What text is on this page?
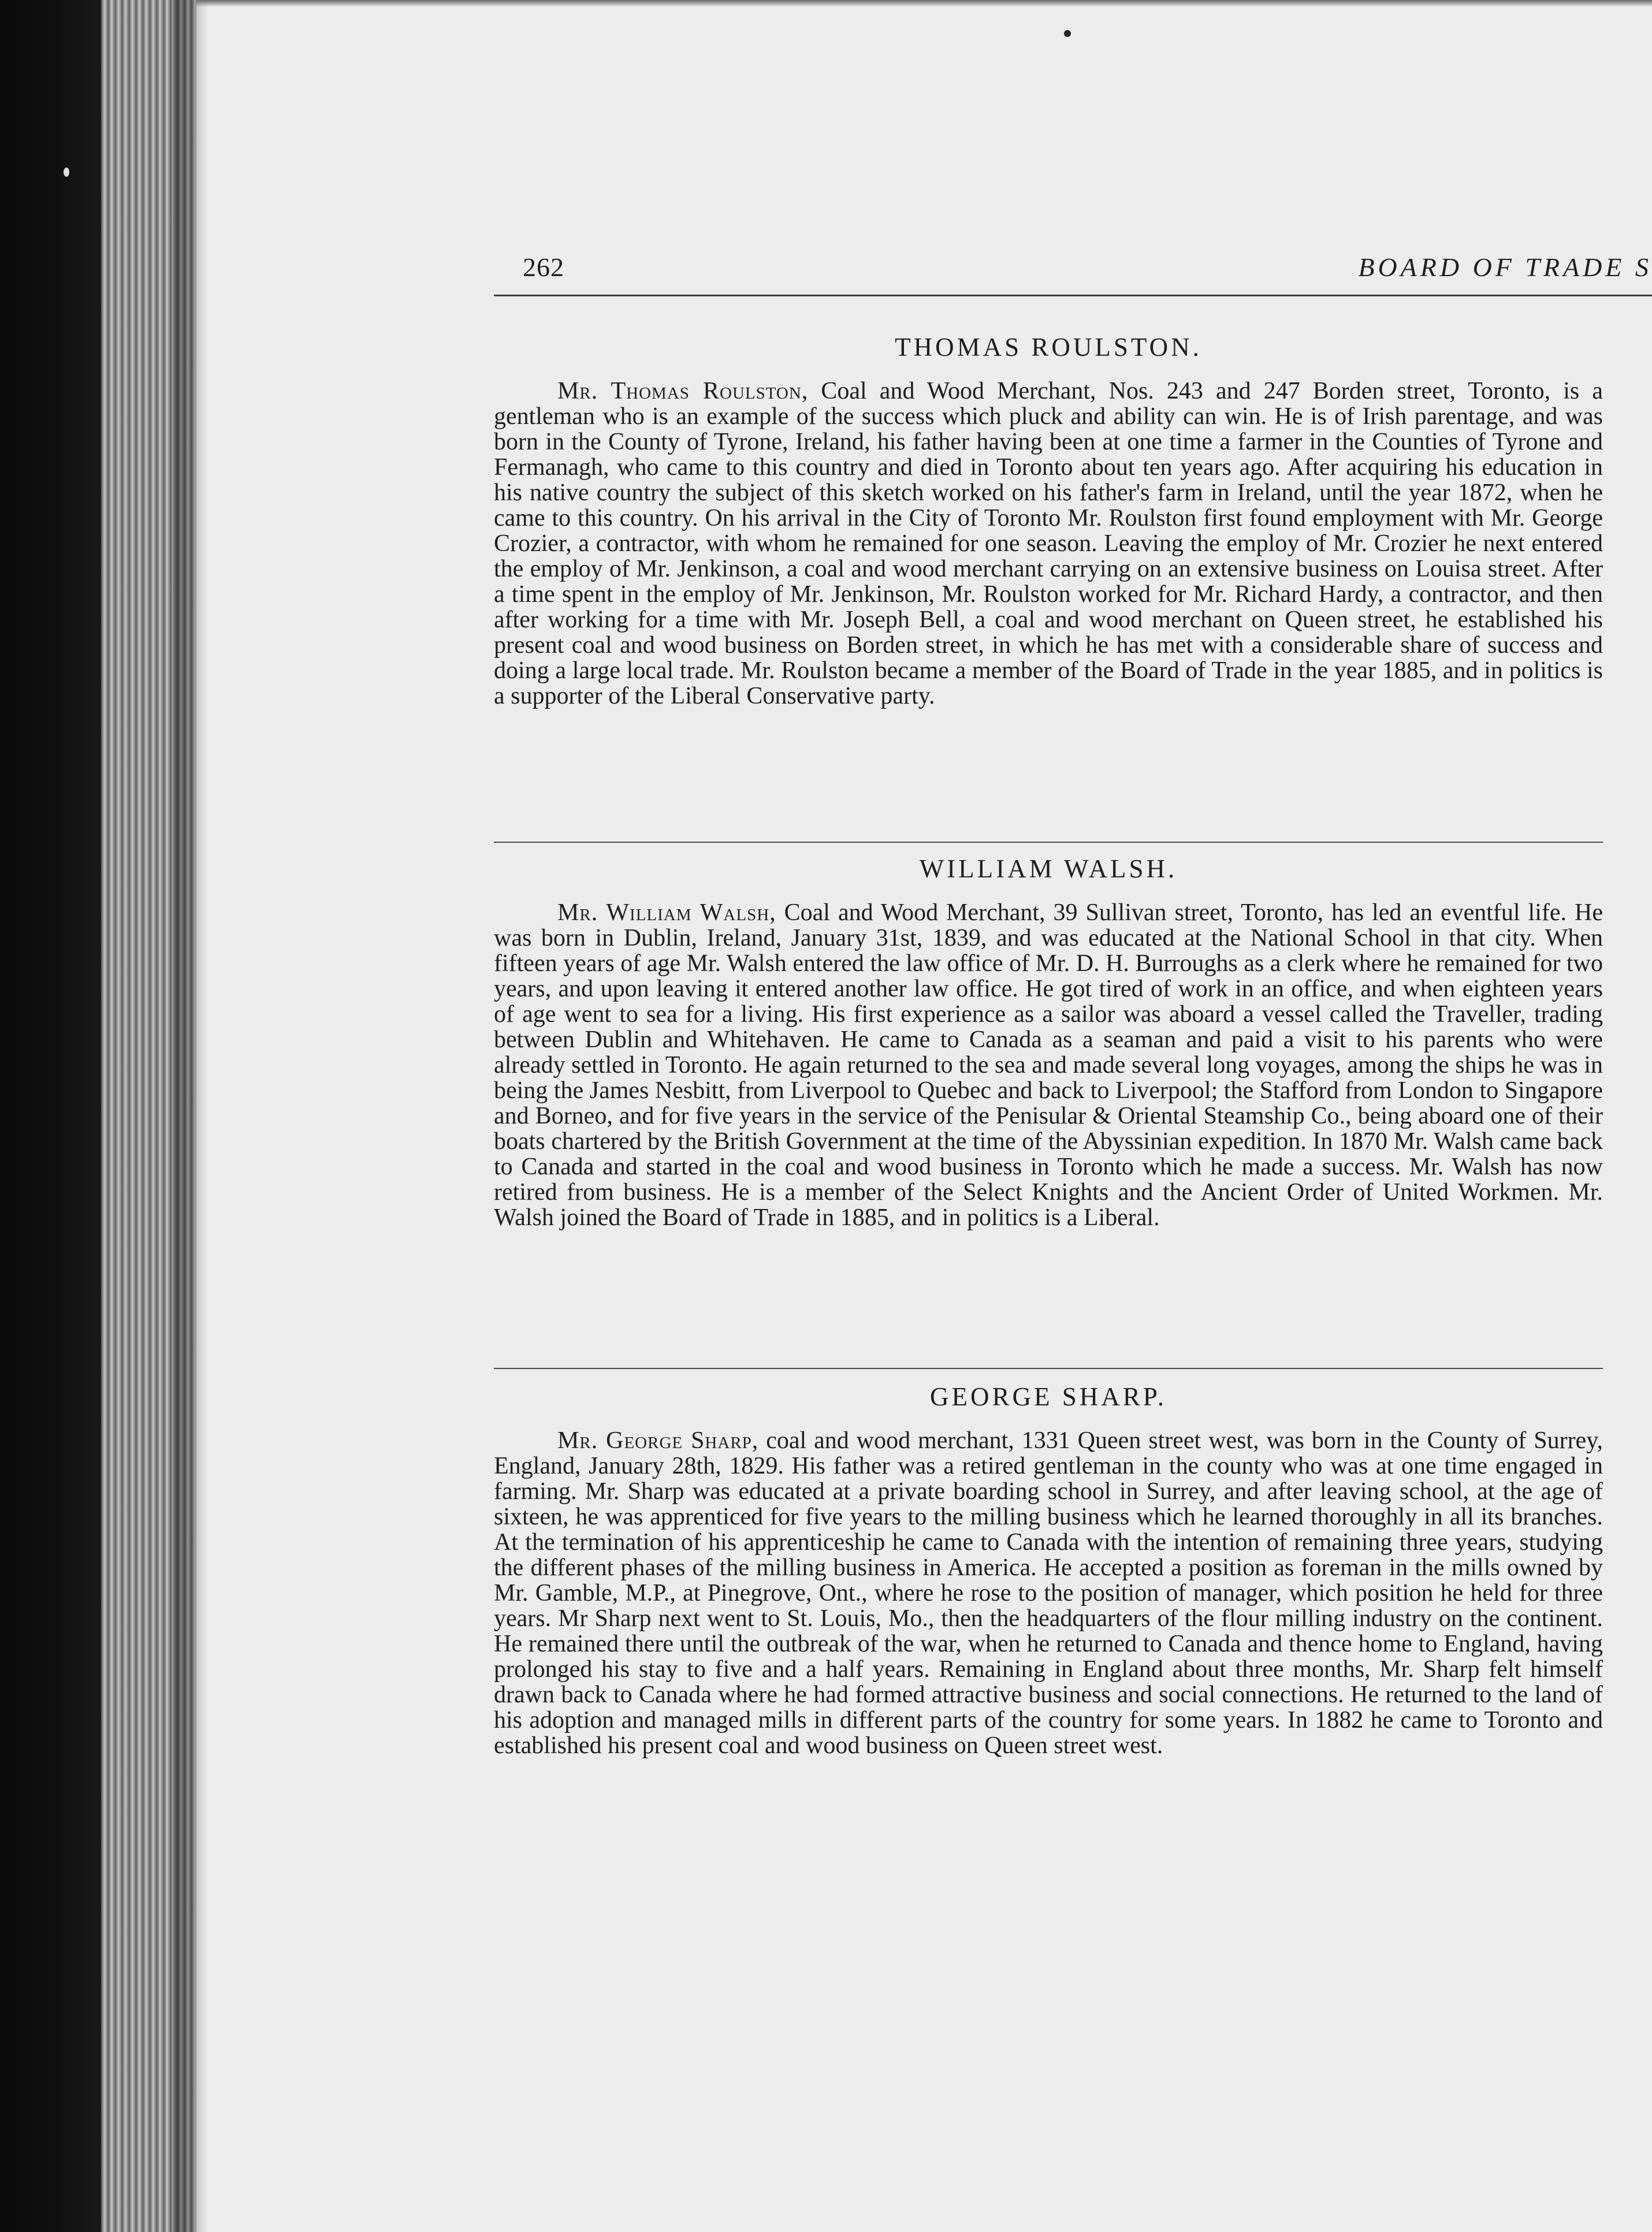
262	BOARD OF TRADE S
THOMAS ROULSTON.

Mr. Thomas Roulston, Coal and Wood Merchant, Nos. 243 and 247 Borden street, Toronto, is a gentleman who is an example of the success which pluck and ability can win. He is of Irish parentage, and was born in the County of Tyrone, Ireland, his father having been at one time a farmer in the Counties of Tyrone and Fermanagh, who came to this country and died in Toronto about ten years ago. After acquiring his education in his native country the subject of this sketch worked on his father's farm in Ireland, until the year 1872, when he came to this country. On his arrival in the City of Toronto Mr. Roulston first found employment with Mr. George Crozier, a contractor, with whom he remained for one season. Leaving the employ of Mr. Crozier he next entered the employ of Mr. Jenkinson, a coal and wood merchant carrying on an extensive business on Louisa street. After a time spent in the employ of Mr. Jenkinson, Mr. Roulston worked for Mr. Richard Hardy, a contractor, and then after working for a time with Mr. Joseph Bell, a coal and wood merchant on Queen street, he established his present coal and wood business on Borden street, in which he has met with a considerable share of success and doing a large local trade. Mr. Roulston became a member of the Board of Trade in the year 1885, and in politics is a supporter of the Liberal Conservative party.

WILLIAM WALSH.

Mr. William Walsh, Coal and Wood Merchant, 39 Sullivan street, Toronto, has led an eventful life. He was born in Dublin, Ireland, January 31st, 1839, and was educated at the National School in that city. When fifteen years of age Mr. Walsh entered the law office of Mr. D. H. Burroughs as a clerk where he remained for two years, and upon leaving it entered another law office. He got tired of work in an office, and when eighteen years of age went to sea for a living. His first experience as a sailor was aboard a vessel called the Traveller, trading between Dublin and Whitehaven. He came to Canada as a seaman and paid a visit to his parents who were already settled in Toronto. He again returned to the sea and made several long voyages, among the ships he was in being the James Nesbitt, from Liverpool to Quebec and back to Liverpool; the Stafford from London to Singapore and Borneo, and for five years in the service of the Penisular & Oriental Steamship Co., being aboard one of their boats chartered by the British Government at the time of the Abyssinian expedition. In 1870 Mr. Walsh came back to Canada and started in the coal and wood business in Toronto which he made a success. Mr. Walsh has now retired from business. He is a member of the Select Knights and the Ancient Order of United Workmen. Mr. Walsh joined the Board of Trade in 1885, and in politics is a Liberal.

GEORGE SHARP.

Mr. George Sharp, coal and wood merchant, 1331 Queen street west, was born in the County of Surrey, England, January 28th, 1829. His father was a retired gentleman in the county who was at one time engaged in farming. Mr. Sharp was educated at a private boarding school in Surrey, and after leaving school, at the age of sixteen, he was apprenticed for five years to the milling business which he learned thoroughly in all its branches. At the termination of his apprenticeship he came to Canada with the intention of remaining three years, studying the different phases of the milling business in America. He accepted a position as foreman in the mills owned by Mr. Gamble, M.P., at Pinegrove, Ont., where he rose to the position of manager, which position he held for three years. Mr Sharp next went to St. Louis, Mo., then the headquarters of the flour milling industry on the continent. He remained there until the outbreak of the war, when he returned to Canada and thence home to England, having prolonged his stay to five and a half years. Remaining in England about three months, Mr. Sharp felt himself drawn back to Canada where he had formed attractive business and social connections. He returned to the land of his adoption and managed mills in different parts of the country for some years. In 1882 he came to Toronto and established his present coal and wood business on Queen street west.
